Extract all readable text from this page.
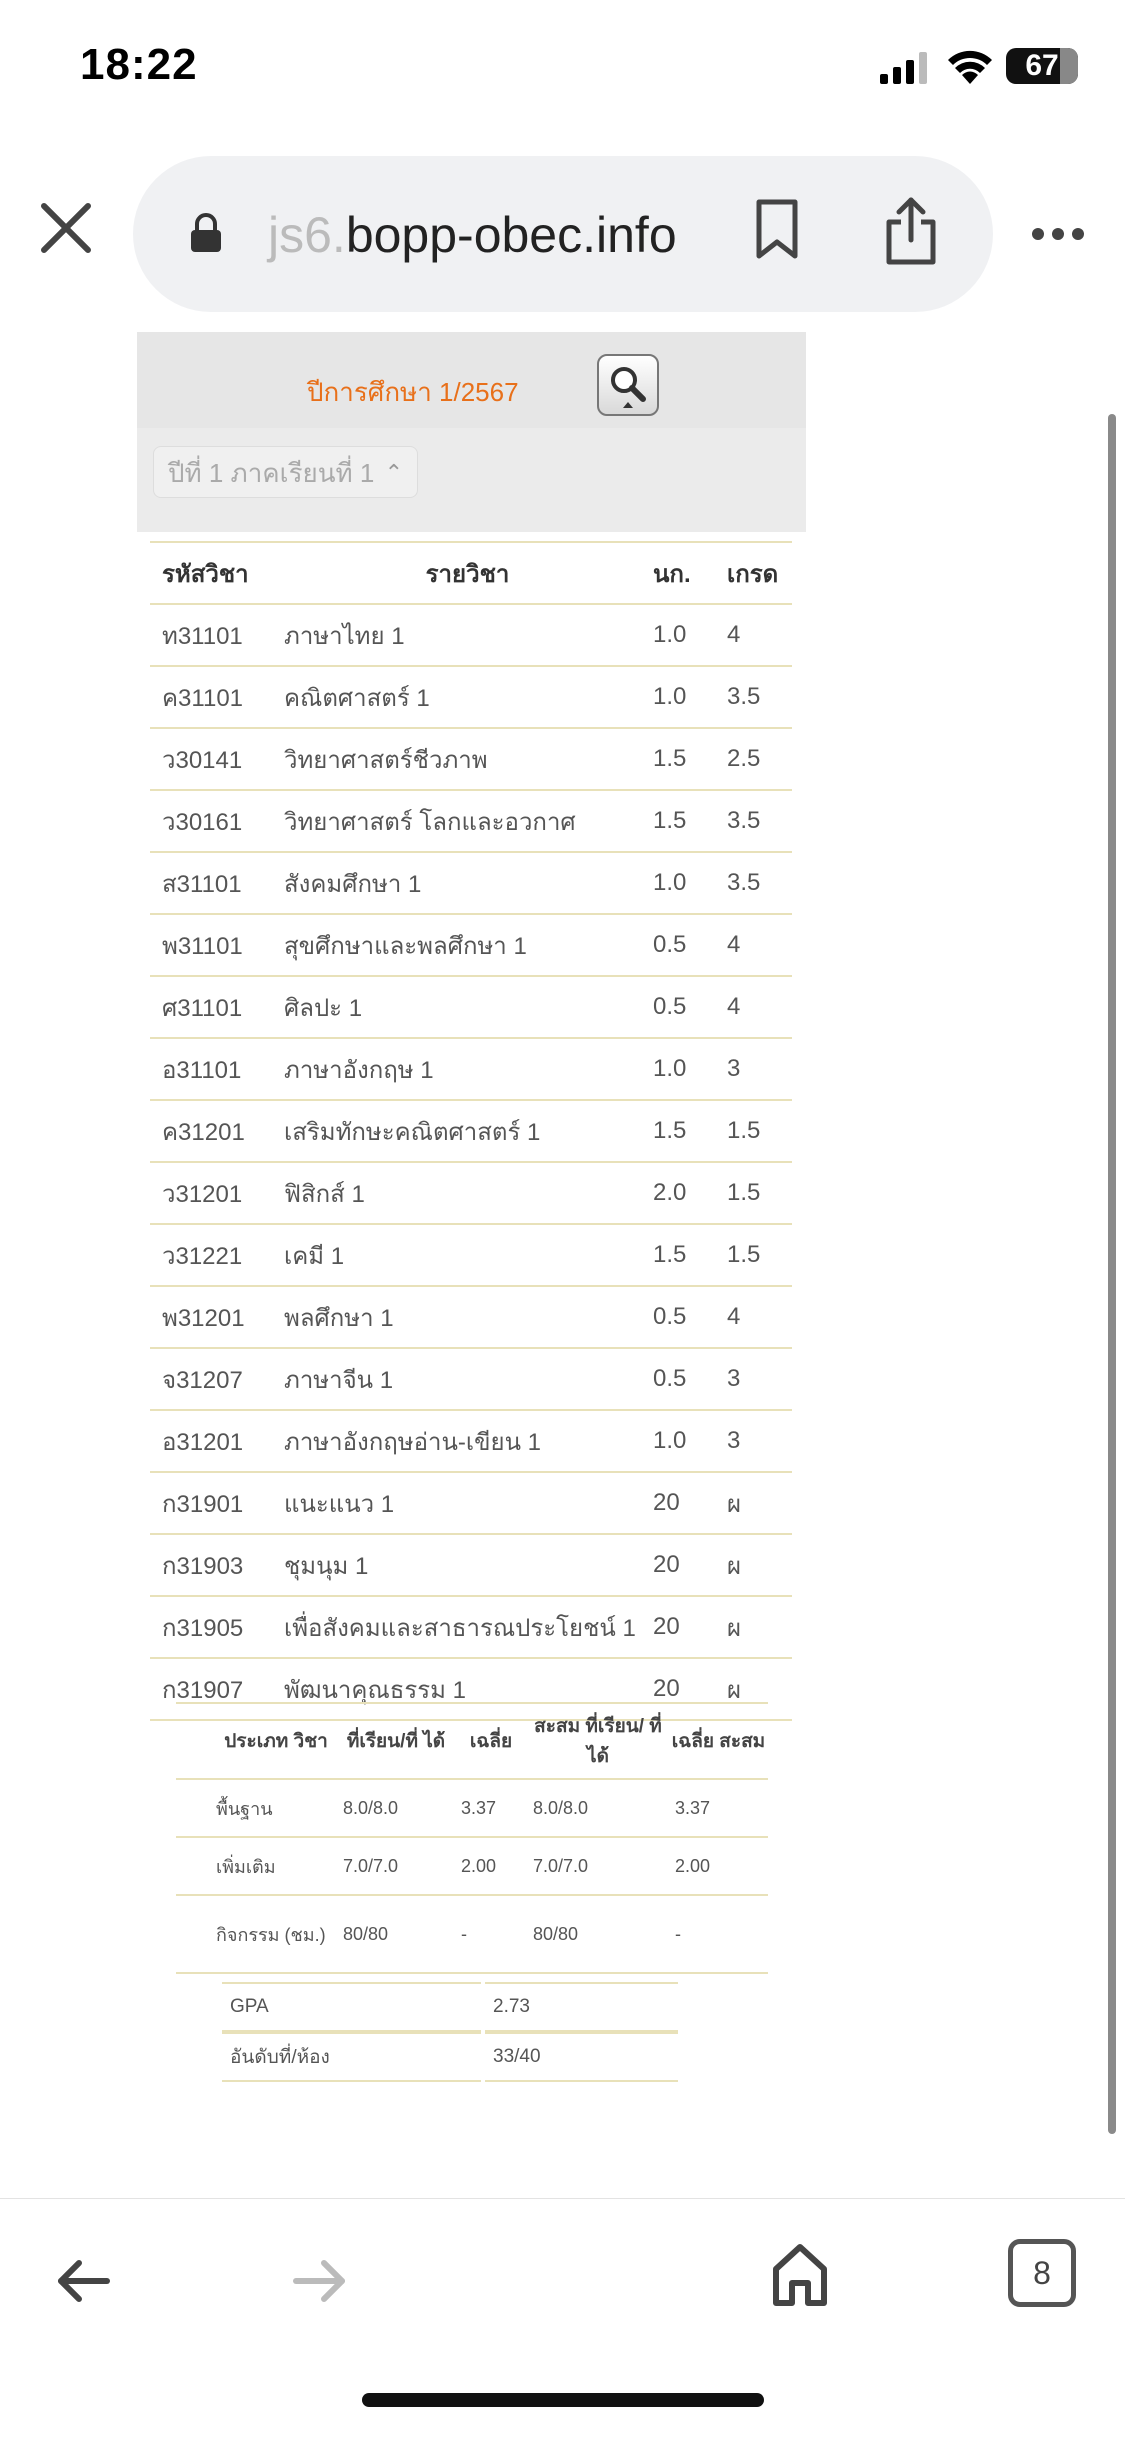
18:22	67
js6.bopp-obec.info
ปีการศึกษา 1/2567
ปีที่ 1 ภาคเรียนที่ 1 ⌃

รหัสวิชา	รายวิชา	นก.	เกรด
ท31101	ภาษาไทย 1	1.0	4
ค31101	คณิตศาสตร์ 1	1.0	3.5
ว30141	วิทยาศาสตร์ชีวภาพ	1.5	2.5
ว30161	วิทยาศาสตร์ โลกและอวกาศ	1.5	3.5
ส31101	สังคมศึกษา 1	1.0	3.5
พ31101	สุขศึกษาและพลศึกษา 1	0.5	4
ศ31101	ศิลปะ 1	0.5	4
อ31101	ภาษาอังกฤษ 1	1.0	3
ค31201	เสริมทักษะคณิตศาสตร์ 1	1.5	1.5
ว31201	ฟิสิกส์ 1	2.0	1.5
ว31221	เคมี 1	1.5	1.5
พ31201	พลศึกษา 1	0.5	4
จ31207	ภาษาจีน 1	0.5	3
อ31201	ภาษาอังกฤษอ่าน-เขียน 1	1.0	3
ก31901	แนะแนว 1	20	ผ
ก31903	ชุมนุม 1	20	ผ
ก31905	เพื่อสังคมและสาธารณประโยชน์ 1	20	ผ
ก31907	พัฒนาคุณธรรม 1	20	ผ
ประเภท วิชา	ที่เรียน/ที่ ได้	เฉลี่ย	สะสม ที่เรียน/ ที่ได้	เฉลี่ย สะสม
พื้นฐาน	8.0/8.0	3.37	8.0/8.0	3.37
เพิ่มเติม	7.0/7.0	2.00	7.0/7.0	2.00
กิจกรรม (ชม.)	80/80	-	80/80	-
GPA	2.73
อันดับที่/ห้อง	33/40
8
